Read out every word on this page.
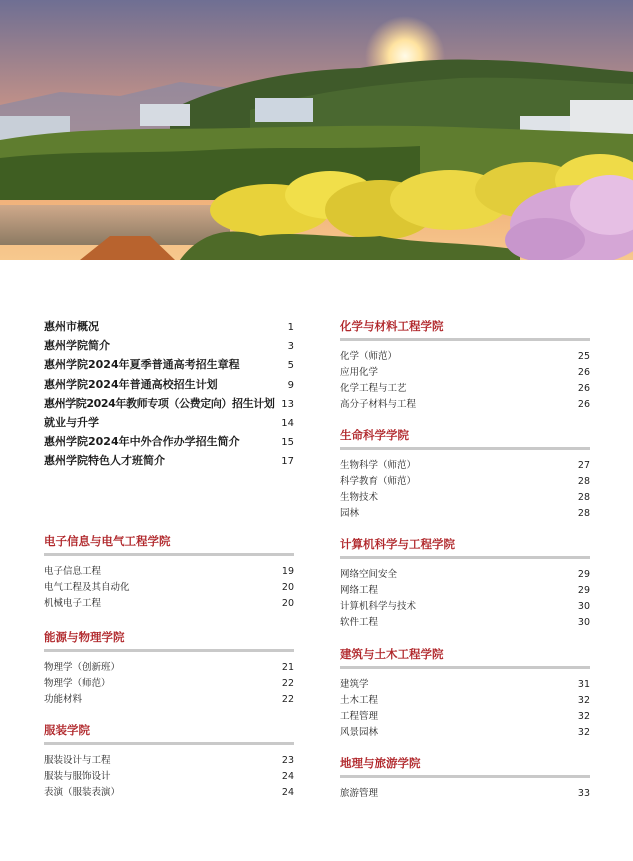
惠州市概况	1
惠州学院简介	3
惠州学院2024年夏季普通高考招生章程	5
惠州学院2024年普通高校招生计划	9
惠州学院2024年教师专项（公费定向）招生计划 13
就业与升学	14
惠州学院2024年中外合作办学招生简介	15
惠州学院特色人才班简介	17
电子信息与电气工程学院
电子信息工程	19
电气工程及其自动化	20
机械电子工程	20
能源与物理学院
物理学（创新班）	21
物理学（师范）	22
功能材料	22
服装学院
服装设计与工程	23
服装与服饰设计	24
表演（服装表演）	24
化学与材料工程学院
化学（师范）	25
应用化学	26
化学工程与工艺	26
高分子材料与工程	26
生命科学学院
生物科学（师范）	27
科学教育（师范）	28
生物技术	28
园林	28
计算机科学与工程学院
网络空间安全	29
网络工程	29
计算机科学与技术	30
软件工程	30
建筑与土木工程学院
建筑学	31
土木工程	32
工程管理	32
风景园林	32
地理与旅游学院
旅游管理	33
